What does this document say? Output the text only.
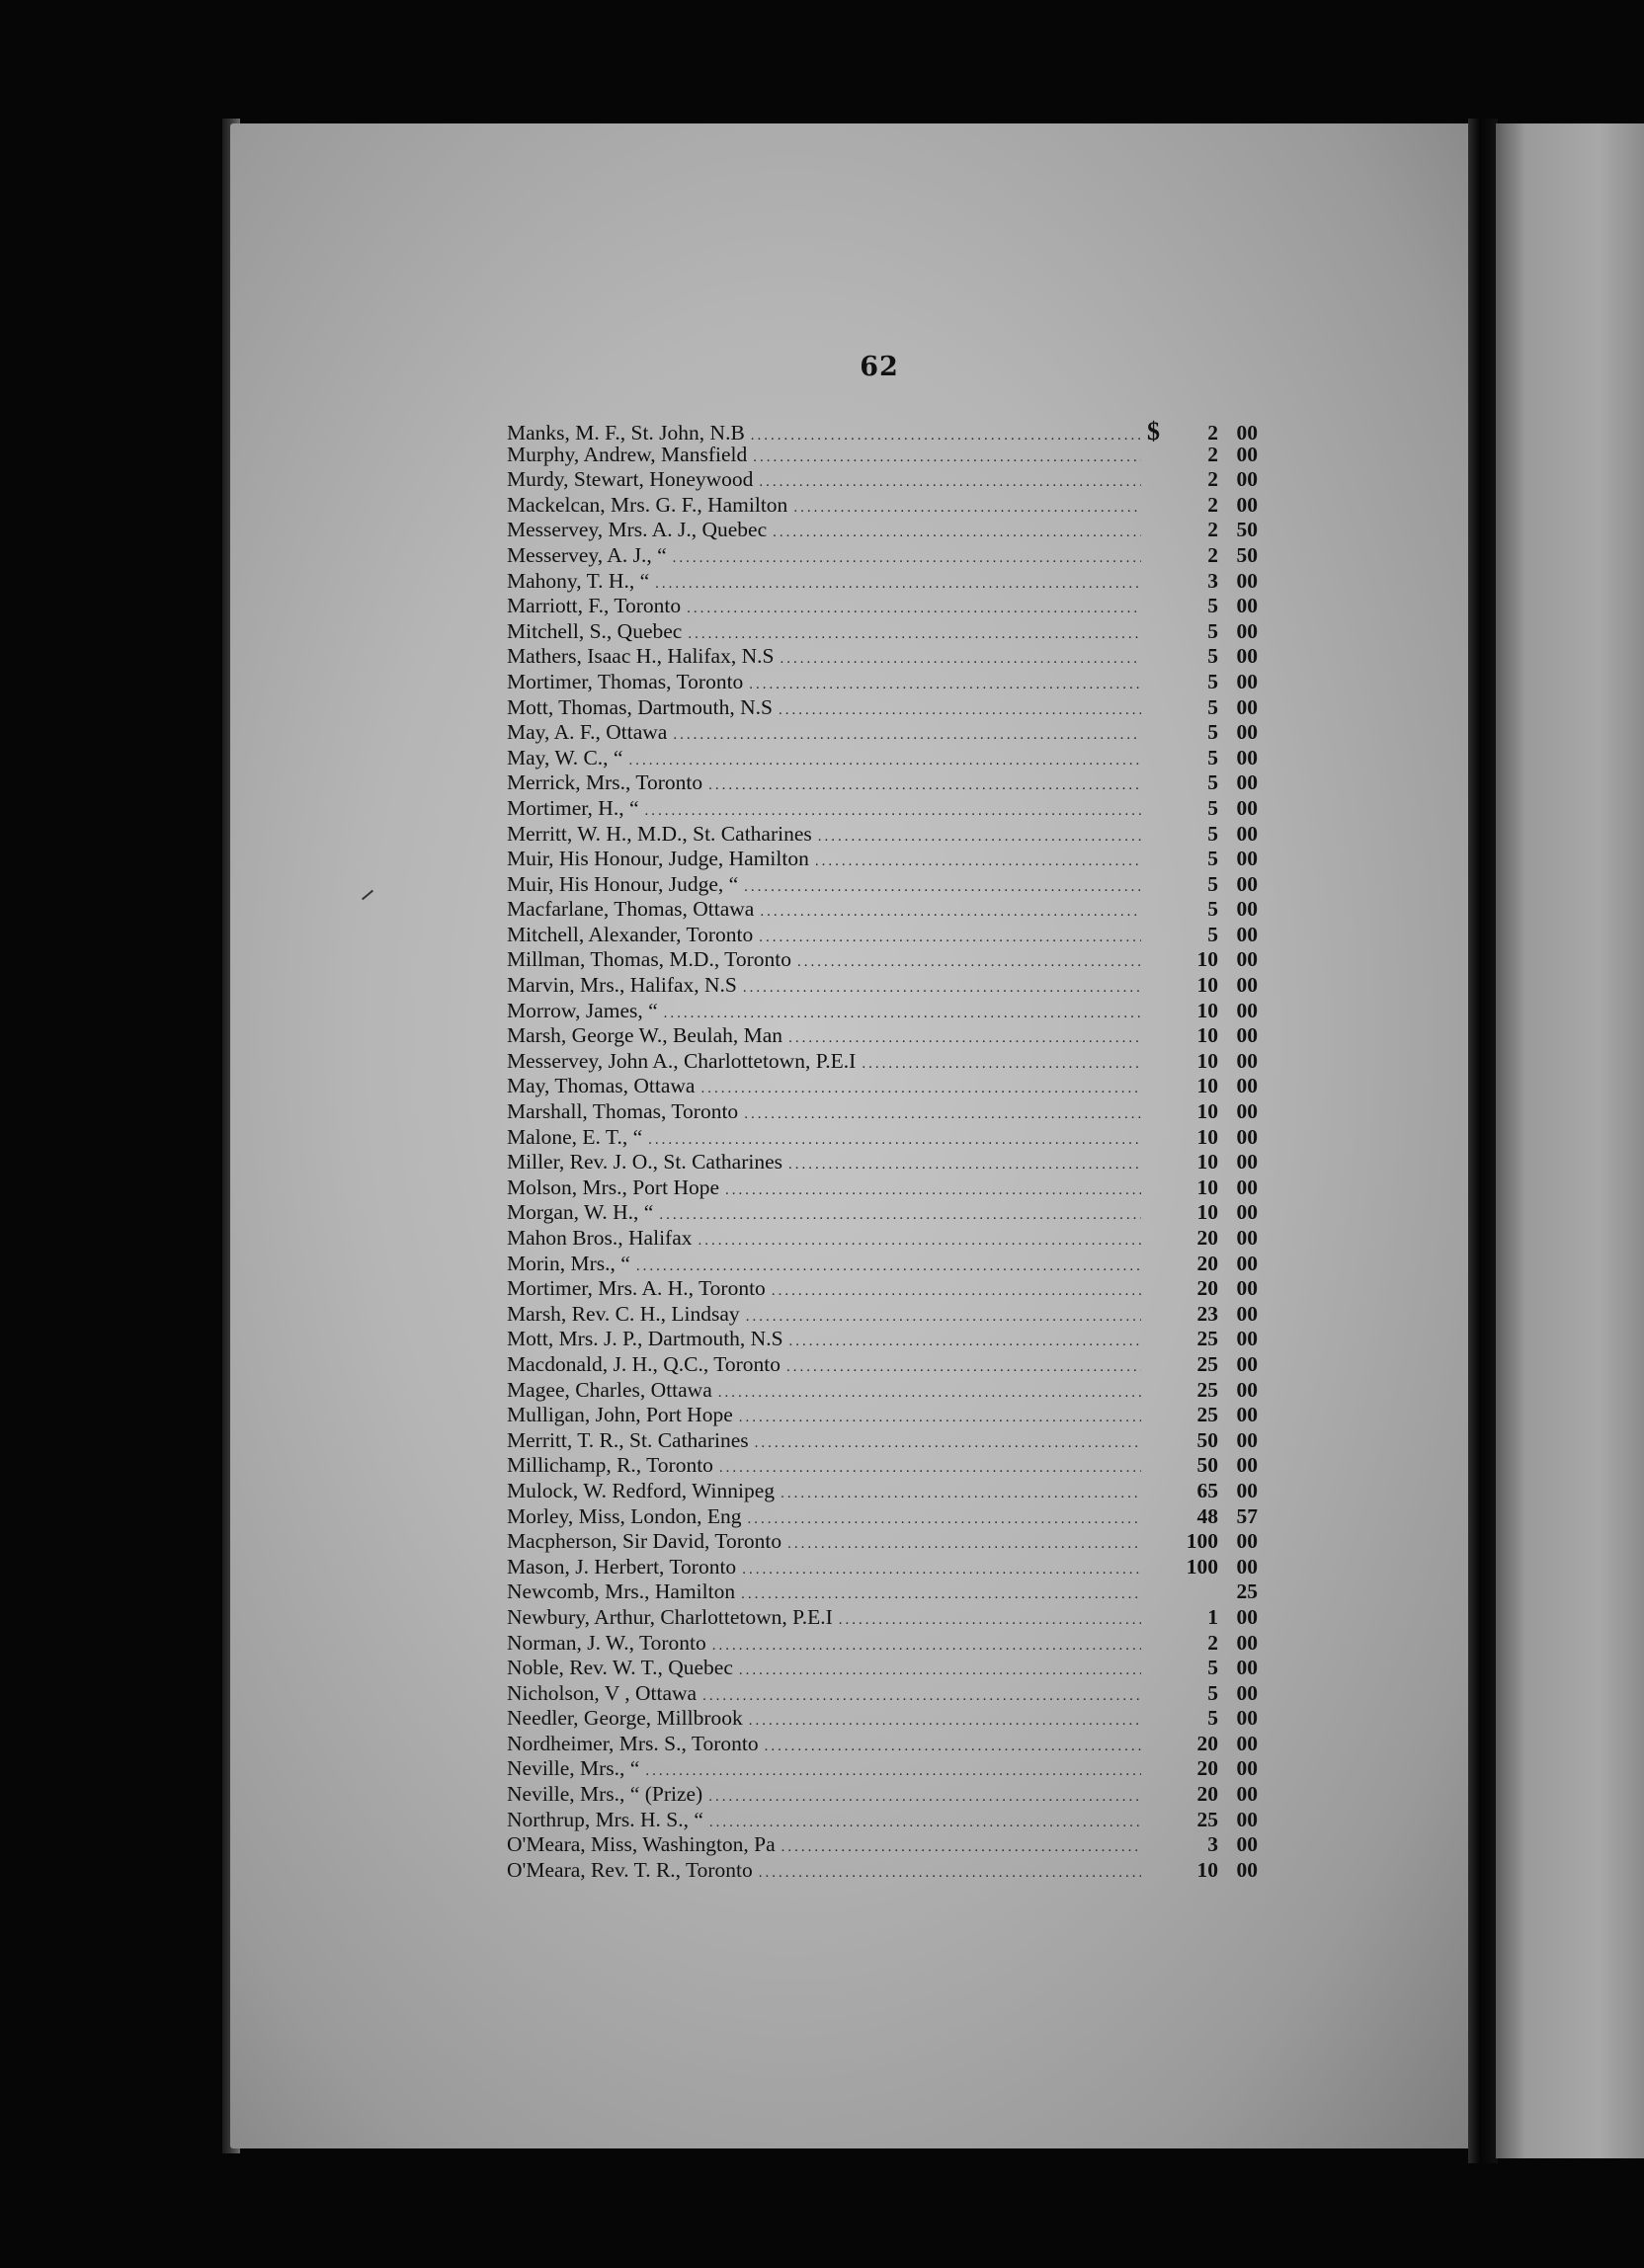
62
Manks, M. F., St. John, N.B .....	$	2 00
Murphy, Andrew, Mansfield .....	2 00
Murdy, Stewart, Honeywood .....	2 00
Mackelcan, Mrs. G. F., Hamilton .....	2 00
Messervey, Mrs. A. J., Quebec .....	2 50
Messervey, A. J., “ .....	2 50
Mahony, T. H., “ .....	3 00
Marriott, F., Toronto .....	5 00
Mitchell, S., Quebec .....	5 00
Mathers, Isaac H., Halifax, N.S .....	5 00
Mortimer, Thomas, Toronto .....	5 00
Mott, Thomas, Dartmouth, N.S .....	5 00
May, A. F., Ottawa .....	5 00
May, W. C., “ .....	5 00
Merrick, Mrs., Toronto .....	5 00
Mortimer, H., “ .....	5 00
Merritt, W. H., M.D., St. Catharines .....	5 00
Muir, His Honour, Judge, Hamilton .....	5 00
Muir, His Honour, Judge, “ .....	5 00
Macfarlane, Thomas, Ottawa .....	5 00
Mitchell, Alexander, Toronto .....	5 00
Millman, Thomas, M.D., Toronto .....	10 00
Marvin, Mrs., Halifax, N.S .....	10 00
Morrow, James, “ .....	10 00
Marsh, George W., Beulah, Man .....	10 00
Messervey, John A., Charlottetown, P.E.I .....	10 00
May, Thomas, Ottawa .....	10 00
Marshall, Thomas, Toronto .....	10 00
Malone, E. T., “ .....	10 00
Miller, Rev. J. O., St. Catharines .....	10 00
Molson, Mrs., Port Hope .....	10 00
Morgan, W. H., “ .....	10 00
Mahon Bros., Halifax .....	20 00
Morin, Mrs., “ .....	20 00
Mortimer, Mrs. A. H., Toronto .....	20 00
Marsh, Rev. C. H., Lindsay .....	23 00
Mott, Mrs. J. P., Dartmouth, N.S .....	25 00
Macdonald, J. H., Q.C., Toronto .....	25 00
Magee, Charles, Ottawa .....	25 00
Mulligan, John, Port Hope .....	25 00
Merritt, T. R., St. Catharines .....	50 00
Millichamp, R., Toronto .....	50 00
Mulock, W. Redford, Winnipeg .....	65 00
Morley, Miss, London, Eng .....	48 57
Macpherson, Sir David, Toronto .....	100 00
Mason, J. Herbert, Toronto .....	100 00
Newcomb, Mrs., Hamilton .....	25
Newbury, Arthur, Charlottetown, P.E.I .....	1 00
Norman, J. W., Toronto .....	2 00
Noble, Rev. W. T., Quebec .....	5 00
Nicholson, V , Ottawa .....	5 00
Needler, George, Millbrook .....	5 00
Nordheimer, Mrs. S., Toronto .....	20 00
Neville, Mrs., “ .....	20 00
Neville, Mrs., “ (Prize) .....	20 00
Northrup, Mrs. H. S., “ .....	25 00
O'Meara, Miss, Washington, Pa .....	3 00
O'Meara, Rev. T. R., Toronto .....	10 00
